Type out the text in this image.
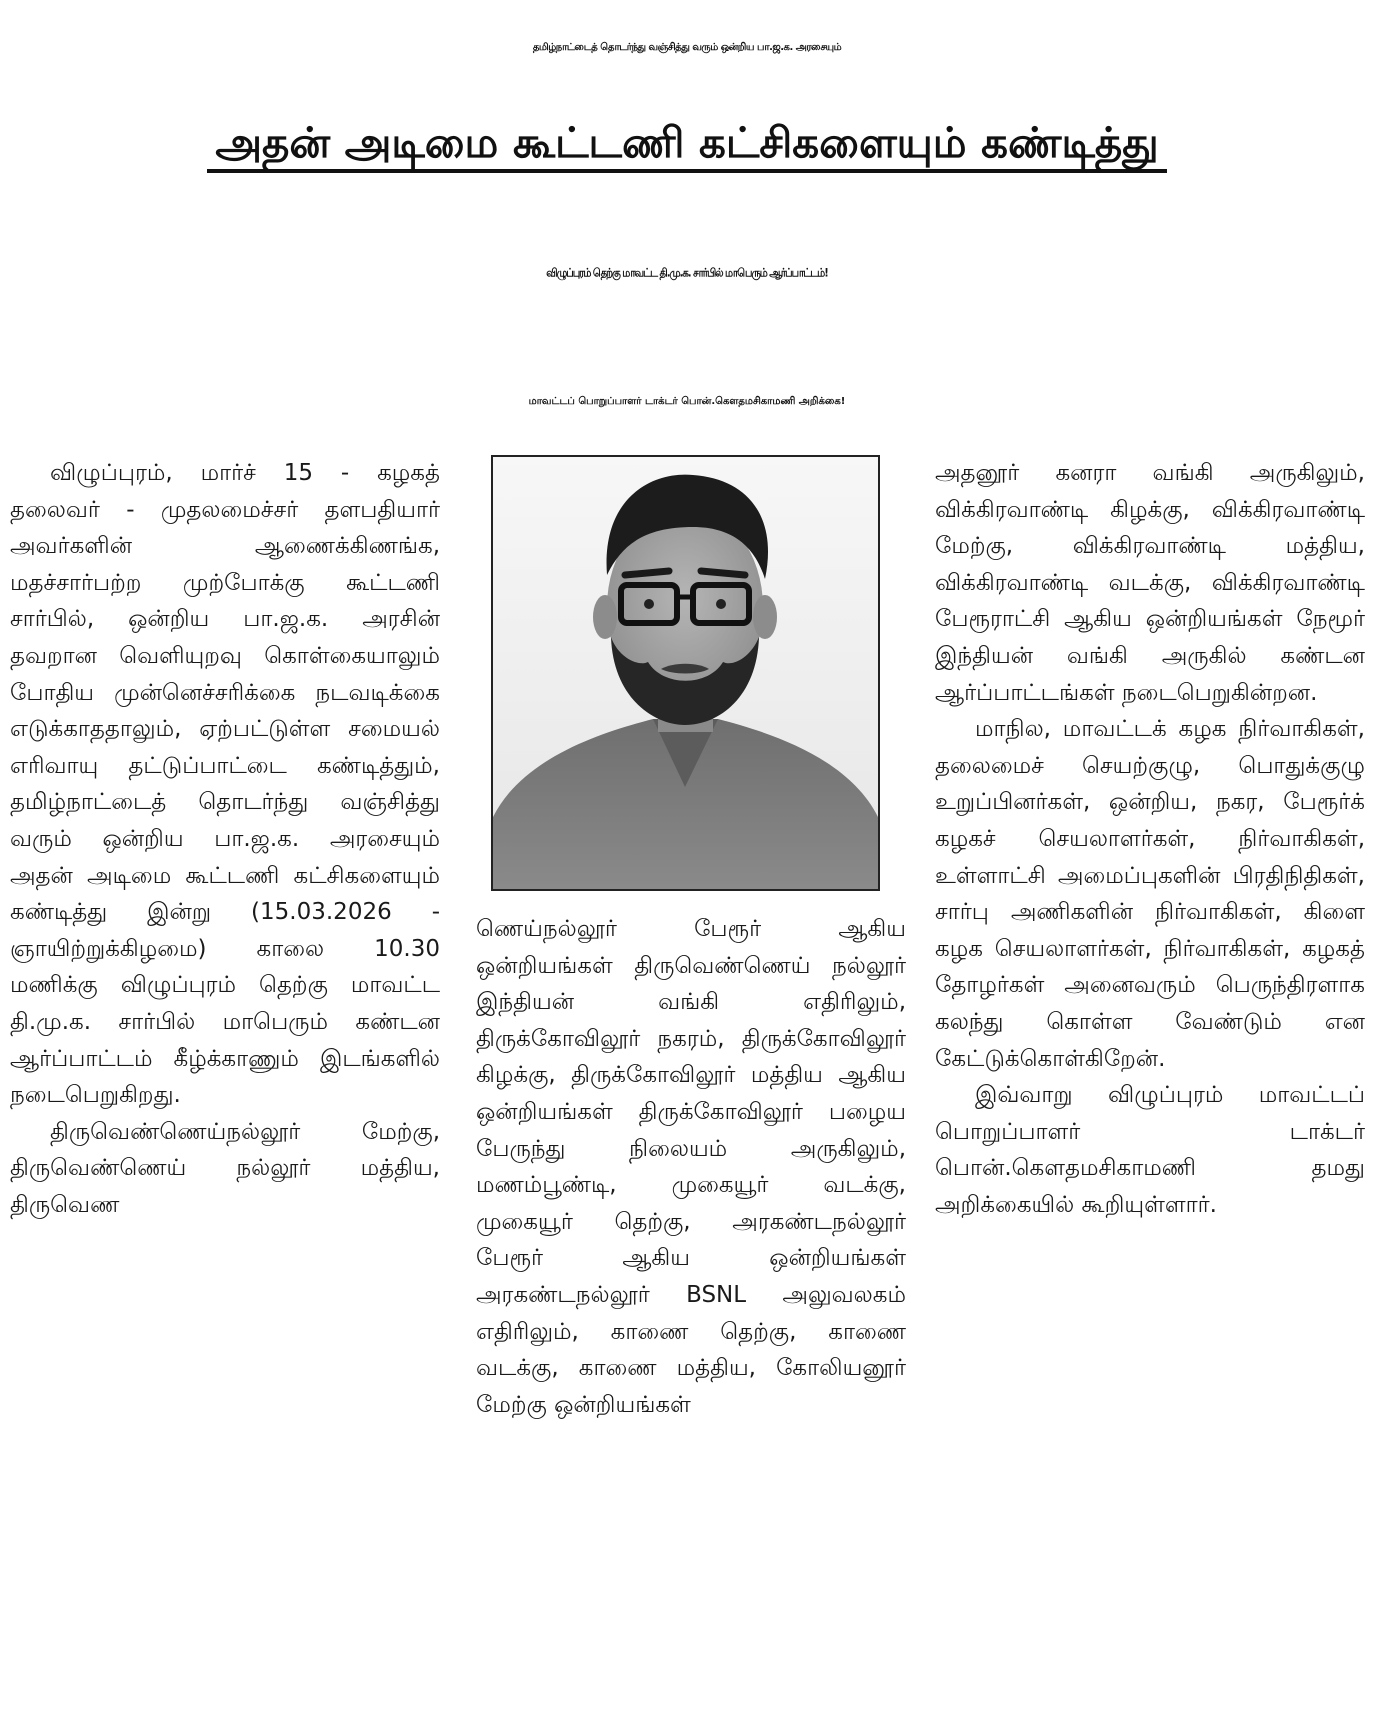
தமிழ்நாட்டைத் தொடர்ந்து வஞ்சித்து வரும் ஒன்றிய பா.ஜ.க. அரசையும்
அதன் அடிமை கூட்டணி கட்சிகளையும் கண்டித்து
விழுப்புரம் தெற்கு மாவட்ட தி.மு.க. சார்பில் மாபெரும் ஆர்ப்பாட்டம்!
மாவட்டப் பொறுப்பாளர் டாக்டர் பொன்.கௌதமசிகாமணி அறிக்கை!

விழுப்புரம், மார்ச் 15 - கழகத் தலைவர் - முதலமைச்சர் தளபதியார் அவர்களின் ஆணைக்கிணங்க, மதச்சார்பற்ற முற்போக்கு கூட்டணி சார்பில், ஒன்றிய பா.ஜ.க. அரசின் தவறான வெளியுறவு கொள்கையாலும் போதிய முன்னெச்சரிக்கை நடவடிக்கை எடுக்காததாலும், ஏற்பட்டுள்ள சமையல் எரிவாயு தட்டுப்பாட்டை கண்டித்தும், தமிழ்நாட்டைத் தொடர்ந்து வஞ்சித்து வரும் ஒன்றிய பா.ஜ.க. அரசையும் அதன் அடிமை கூட்டணி கட்சிகளையும் கண்டித்து இன்று (15.03.2026 - ஞாயிற்றுக்கிழமை) காலை 10.30 மணிக்கு விழுப்புரம் தெற்கு மாவட்ட தி.மு.க. சார்பில் மாபெரும் கண்டன ஆர்ப்பாட்டம் கீழ்க்காணும் இடங்களில் நடைபெறுகிறது.

திருவெண்ணெய்நல்லூர் மேற்கு, திருவெண்ணெய் நல்லூர் மத்திய, திருவெண

ணெய்நல்லூர் பேரூர் ஆகிய ஒன்றியங்கள் திருவெண்ணெய் நல்லூர் இந்தியன் வங்கி எதிரிலும், திருக்கோவிலூர் நகரம், திருக்கோவிலூர் கிழக்கு, திருக்கோவிலூர் மத்திய ஆகிய ஒன்றியங்கள் திருக்கோவிலூர் பழைய பேருந்து நிலையம் அருகிலும், மணம்பூண்டி, முகையூர் வடக்கு, முகையூர் தெற்கு, அரகண்டநல்லூர் பேரூர் ஆகிய ஒன்றியங்கள் அரகண்டநல்லூர் BSNL அலுவலகம் எதிரிலும், காணை தெற்கு, காணை வடக்கு, காணை மத்திய, கோலியனூர் மேற்கு ஒன்றியங்கள்

அதனூர் கனரா வங்கி அருகிலும், விக்கிரவாண்டி கிழக்கு, விக்கிரவாண்டி மேற்கு, விக்கிரவாண்டி மத்திய, விக்கிரவாண்டி வடக்கு, விக்கிரவாண்டி பேரூராட்சி ஆகிய ஒன்றியங்கள் நேமூர் இந்தியன் வங்கி அருகில் கண்டன ஆர்ப்பாட்டங்கள் நடைபெறுகின்றன.

மாநில, மாவட்டக் கழக நிர்வாகிகள், தலைமைச் செயற்குழு, பொதுக்குழு உறுப்பினர்கள், ஒன்றிய, நகர, பேரூர்க் கழகச் செயலாளர்கள், நிர்வாகிகள், உள்ளாட்சி அமைப்புகளின் பிரதிநிதிகள், சார்பு அணிகளின் நிர்வாகிகள், கிளை கழக செயலாளர்கள், நிர்வாகிகள், கழகத் தோழர்கள் அனைவரும் பெருந்திரளாக கலந்து கொள்ள வேண்டும் என கேட்டுக்கொள்கிறேன்.

இவ்வாறு விழுப்புரம் மாவட்டப் பொறுப்பாளர் டாக்டர் பொன்.கௌதமசிகாமணி தமது அறிக்கையில் கூறியுள்ளார்.
